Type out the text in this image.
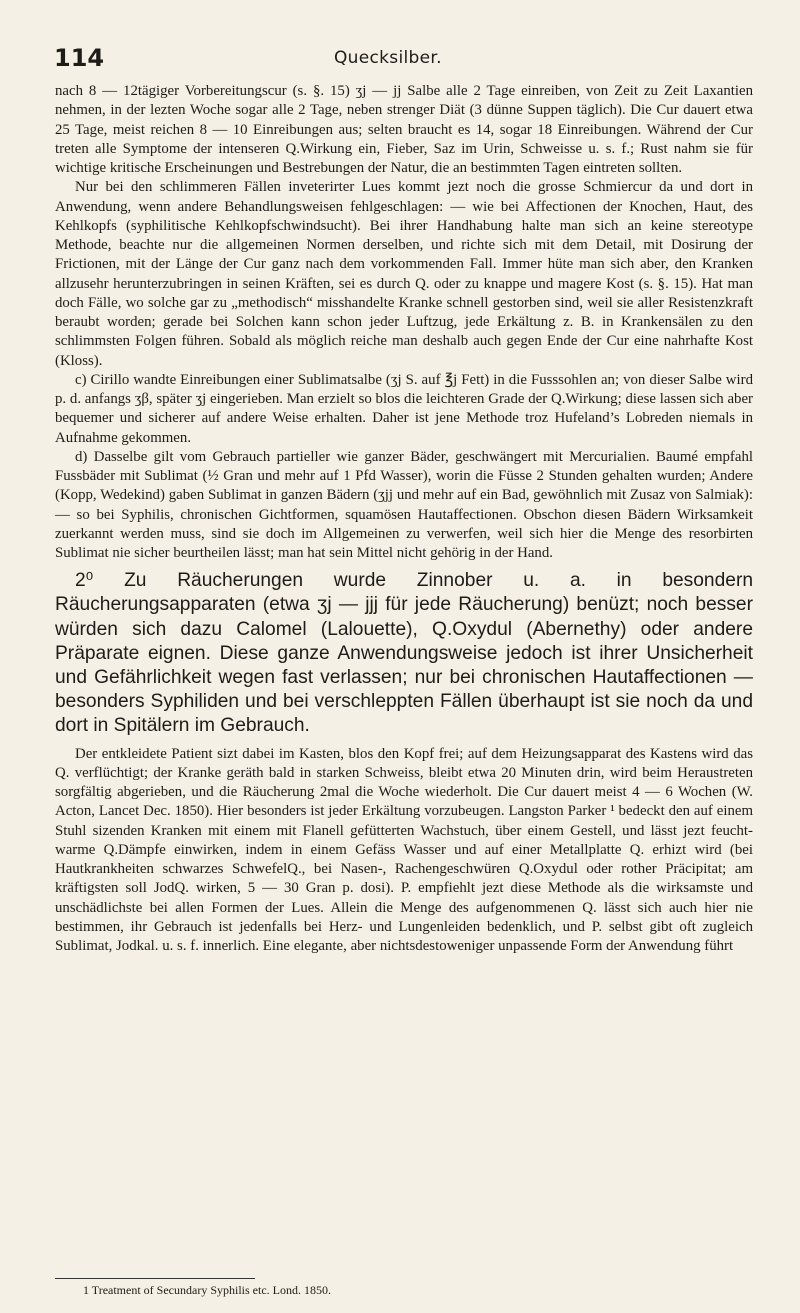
114	Quecksilber.

nach 8 — 12tägiger Vorbereitungscur (s. §. 15) ʒj — jj Salbe alle 2 Tage einreiben, von Zeit zu Zeit Laxantien nehmen, in der lezten Woche sogar alle 2 Tage, neben strenger Diät (3 dünne Suppen täglich). Die Cur dauert etwa 25 Tage, meist reichen 8 — 10 Einreibungen aus; selten braucht es 14, sogar 18 Einreibungen. Während der Cur treten alle Symptome der intenseren Q.Wirkung ein, Fieber, Saz im Urin, Schweisse u. s. f.; Rust nahm sie für wichtige kritische Erscheinungen und Bestrebungen der Natur, die an bestimmten Tagen eintreten sollten.

Nur bei den schlimmeren Fällen inveterirter Lues kommt jezt noch die grosse Schmiercur da und dort in Anwendung, wenn andere Behandlungsweisen fehlgeschlagen: — wie bei Affectionen der Knochen, Haut, des Kehlkopfs (syphilitische Kehlkopfschwindsucht). Bei ihrer Handhabung halte man sich an keine stereotype Methode, beachte nur die allgemeinen Normen derselben, und richte sich mit dem Detail, mit Dosirung der Frictionen, mit der Länge der Cur ganz nach dem vorkommenden Fall. Immer hüte man sich aber, den Kranken allzusehr herunterzubringen in seinen Kräften, sei es durch Q. oder zu knappe und magere Kost (s. §. 15). Hat man doch Fälle, wo solche gar zu „methodisch“ misshandelte Kranke schnell gestorben sind, weil sie aller Resistenzkraft beraubt worden; gerade bei Solchen kann schon jeder Luftzug, jede Erkältung z. B. in Krankensälen zu den schlimmsten Folgen führen. Sobald als möglich reiche man deshalb auch gegen Ende der Cur eine nahrhafte Kost (Kloss).

c) Cirillo wandte Einreibungen einer Sublimatsalbe (ʒj S. auf ℥j Fett) in die Fusssohlen an; von dieser Salbe wird p. d. anfangs ʒβ, später ʒj eingerieben. Man erzielt so blos die leichteren Grade der Q.Wirkung; diese lassen sich aber bequemer und sicherer auf andere Weise erhalten. Daher ist jene Methode troz Hufeland’s Lobreden niemals in Aufnahme gekommen.

d) Dasselbe gilt vom Gebrauch partieller wie ganzer Bäder, geschwängert mit Mercurialien. Baumé empfahl Fussbäder mit Sublimat (½ Gran und mehr auf 1 Pfd Wasser), worin die Füsse 2 Stunden gehalten wurden; Andere (Kopp, Wedekind) gaben Sublimat in ganzen Bädern (ʒjj und mehr auf ein Bad, gewöhnlich mit Zusaz von Salmiak): — so bei Syphilis, chronischen Gichtformen, squamösen Hautaffectionen. Obschon diesen Bädern Wirksamkeit zuerkannt werden muss, sind sie doch im Allgemeinen zu verwerfen, weil sich hier die Menge des resorbirten Sublimat nie sicher beurtheilen lässt; man hat sein Mittel nicht gehörig in der Hand.

2⁰ Zu Räucherungen wurde Zinnober u. a. in besondern Räucherungsapparaten (etwa ʒj — jjj für jede Räucherung) benüzt; noch besser würden sich dazu Calomel (Lalouette), Q.Oxydul (Abernethy) oder andere Präparate eignen. Diese ganze Anwendungsweise jedoch ist ihrer Unsicherheit und Gefährlichkeit wegen fast verlassen; nur bei chronischen Hautaffectionen — besonders Syphiliden und bei verschleppten Fällen überhaupt ist sie noch da und dort in Spitälern im Gebrauch.

Der entkleidete Patient sizt dabei im Kasten, blos den Kopf frei; auf dem Heizungsapparat des Kastens wird das Q. verflüchtigt; der Kranke geräth bald in starken Schweiss, bleibt etwa 20 Minuten drin, wird beim Heraustreten sorgfältig abgerieben, und die Räucherung 2mal die Woche wiederholt. Die Cur dauert meist 4 — 6 Wochen (W. Acton, Lancet Dec. 1850). Hier besonders ist jeder Erkältung vorzubeugen. Langston Parker ¹ bedeckt den auf einem Stuhl sizenden Kranken mit einem mit Flanell gefütterten Wachstuch, über einem Gestell, und lässt jezt feucht-warme Q.Dämpfe einwirken, indem in einem Gefäss Wasser und auf einer Metallplatte Q. erhizt wird (bei Hautkrankheiten schwarzes SchwefelQ., bei Nasen-, Rachengeschwüren Q.Oxydul oder rother Präcipitat; am kräftigsten soll JodQ. wirken, 5 — 30 Gran p. dosi). P. empfiehlt jezt diese Methode als die wirksamste und unschädlichste bei allen Formen der Lues. Allein die Menge des aufgenommenen Q. lässt sich auch hier nie bestimmen, ihr Gebrauch ist jedenfalls bei Herz- und Lungenleiden bedenklich, und P. selbst gibt oft zugleich Sublimat, Jodkal. u. s. f. innerlich. Eine elegante, aber nichtsdestoweniger unpassende Form der Anwendung führt

1 Treatment of Secundary Syphilis etc. Lond. 1850.
